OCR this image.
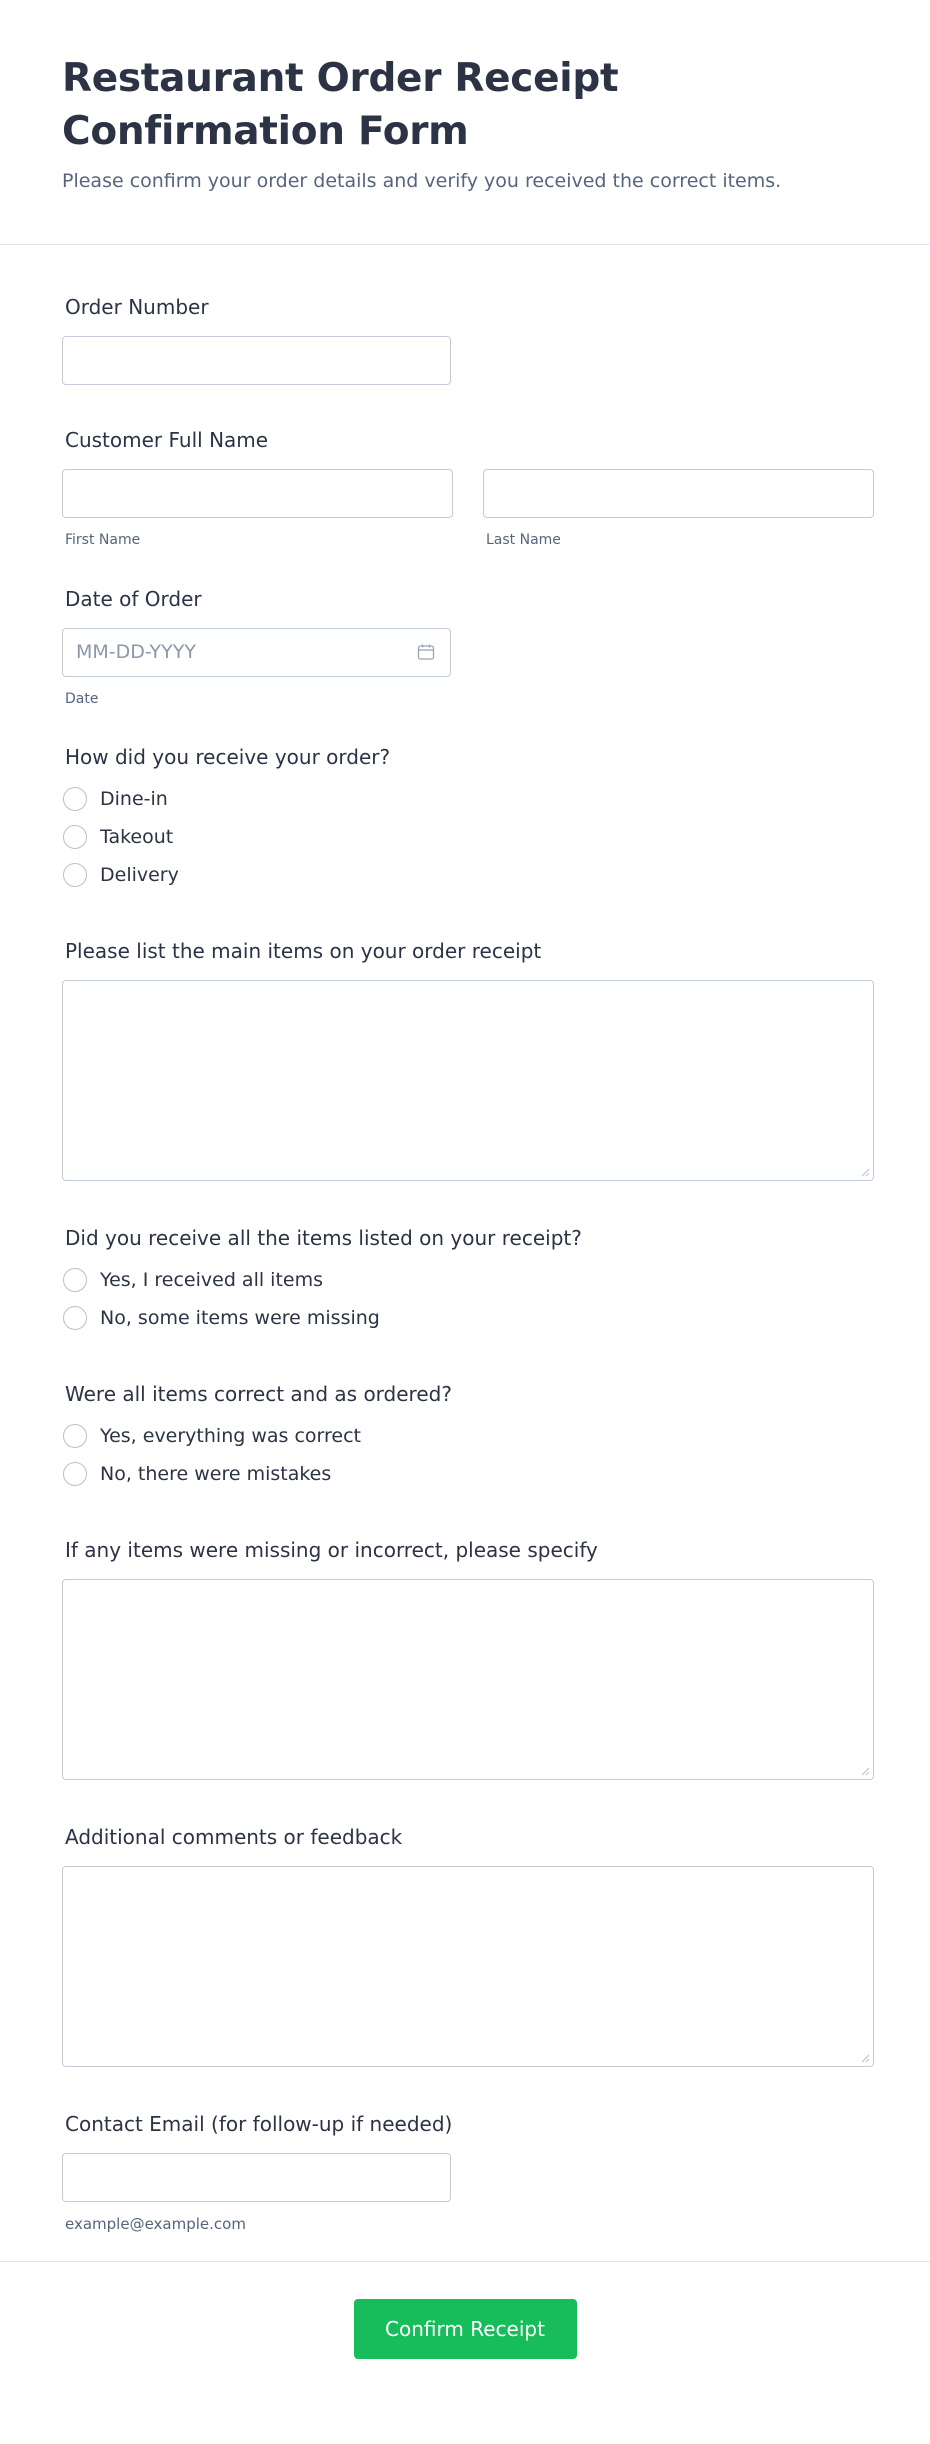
Restaurant Order Receipt Confirmation Form

Please confirm your order details and verify you received the correct items.

Order Number
Customer Full Name
First Name	Last Name
Date of Order
MM-DD-YYYY
Date
How did you receive your order?
Dine-in
Takeout
Delivery
Please list the main items on your order receipt
Did you receive all the items listed on your receipt?
Yes, I received all items
No, some items were missing
Were all items correct and as ordered?
Yes, everything was correct
No, there were mistakes
If any items were missing or incorrect, please specify
Additional comments or feedback
Contact Email (for follow-up if needed)
example@example.com
Confirm Receipt
